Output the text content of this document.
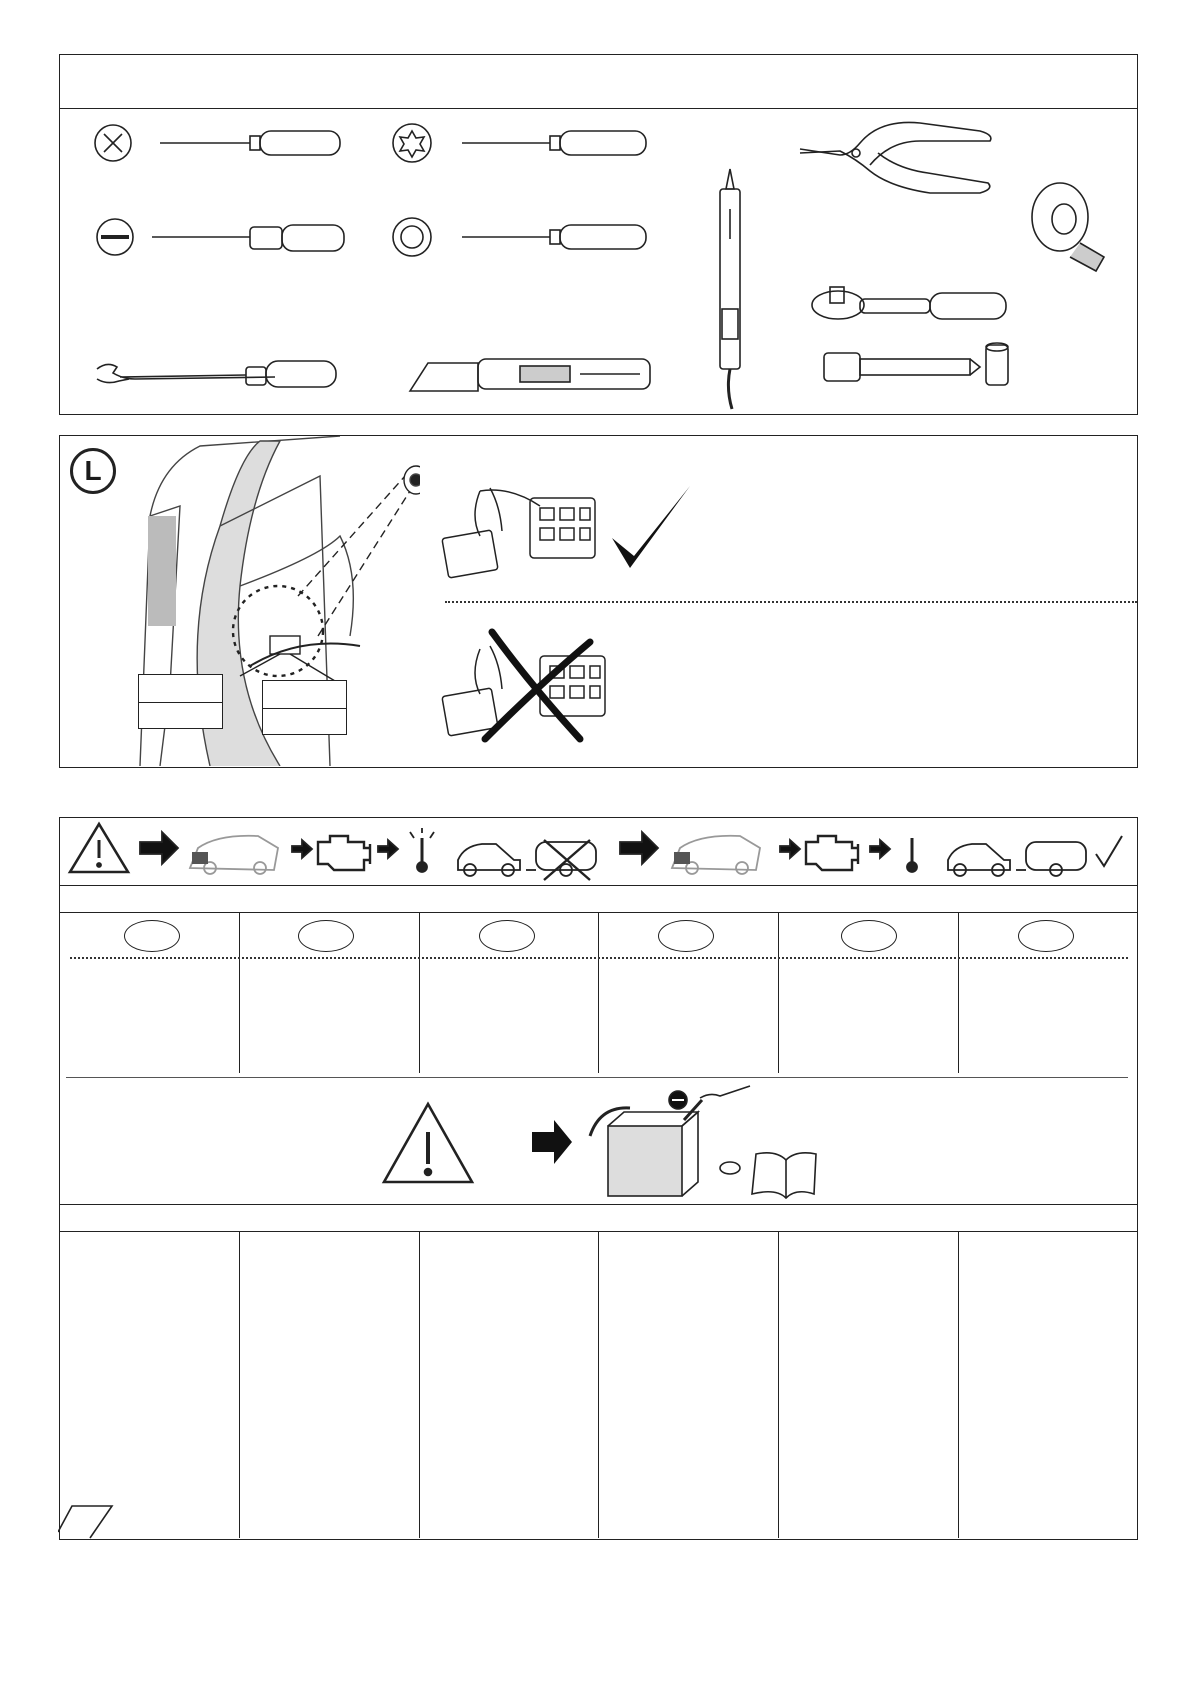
L
